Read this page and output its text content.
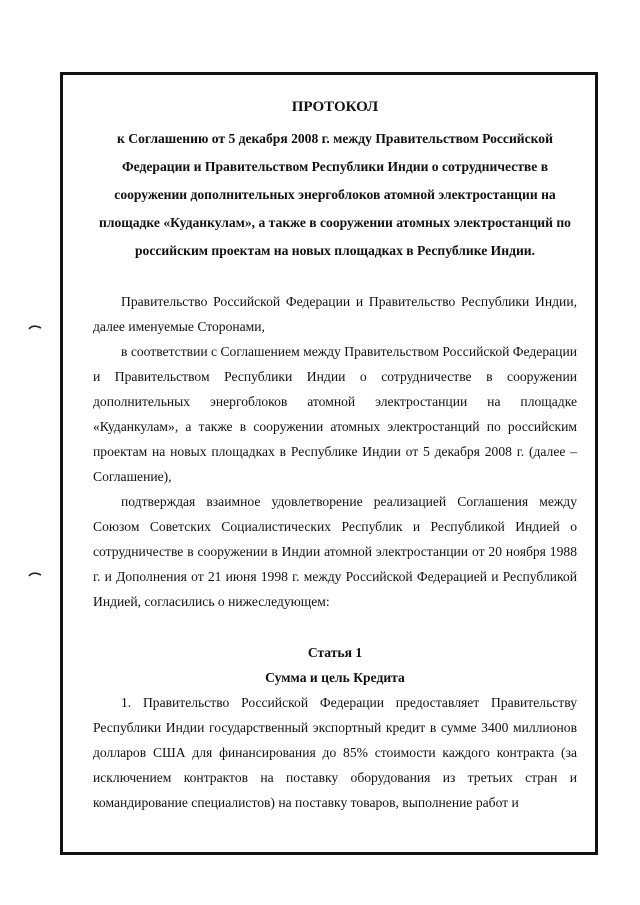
ПРОТОКОЛ

к Соглашению от 5 декабря 2008 г. между Правительством Российской

Федерации и Правительством Республики Индии о сотрудничестве в

сооружении дополнительных энергоблоков атомной электростанции на

площадке «Куданкулам», а также в сооружении атомных электростанций по

российским проектам на новых площадках в Республике Индии.

Правительство Российской Федерации и Правительство Республики Индии, далее именуемые Сторонами,

в соответствии с Соглашением между Правительством Российской Федерации и Правительством Республики Индии о сотрудничестве в сооружении дополнительных энергоблоков атомной электростанции на площадке «Куданкулам», а также в сооружении атомных электростанций по российским проектам на новых площадках в Республике Индии от 5 декабря 2008 г. (далее – Соглашение),

подтверждая взаимное удовлетворение реализацией Соглашения между Союзом Советских Социалистических Республик и Республикой Индией о сотрудничестве в сооружении в Индии атомной электростанции от 20 ноября 1988 г. и Дополнения от 21 июня 1998 г. между Российской Федерацией и Республикой Индией, согласились о нижеследующем:

Статья 1

Сумма и цель Кредита

1. Правительство Российской Федерации предоставляет Правительству Республики Индии государственный экспортный кредит в сумме 3400 миллионов долларов США для финансирования до 85% стоимости каждого контракта (за исключением контрактов на поставку оборудования из третьих стран и командирование специалистов) на поставку товаров, выполнение работ и
